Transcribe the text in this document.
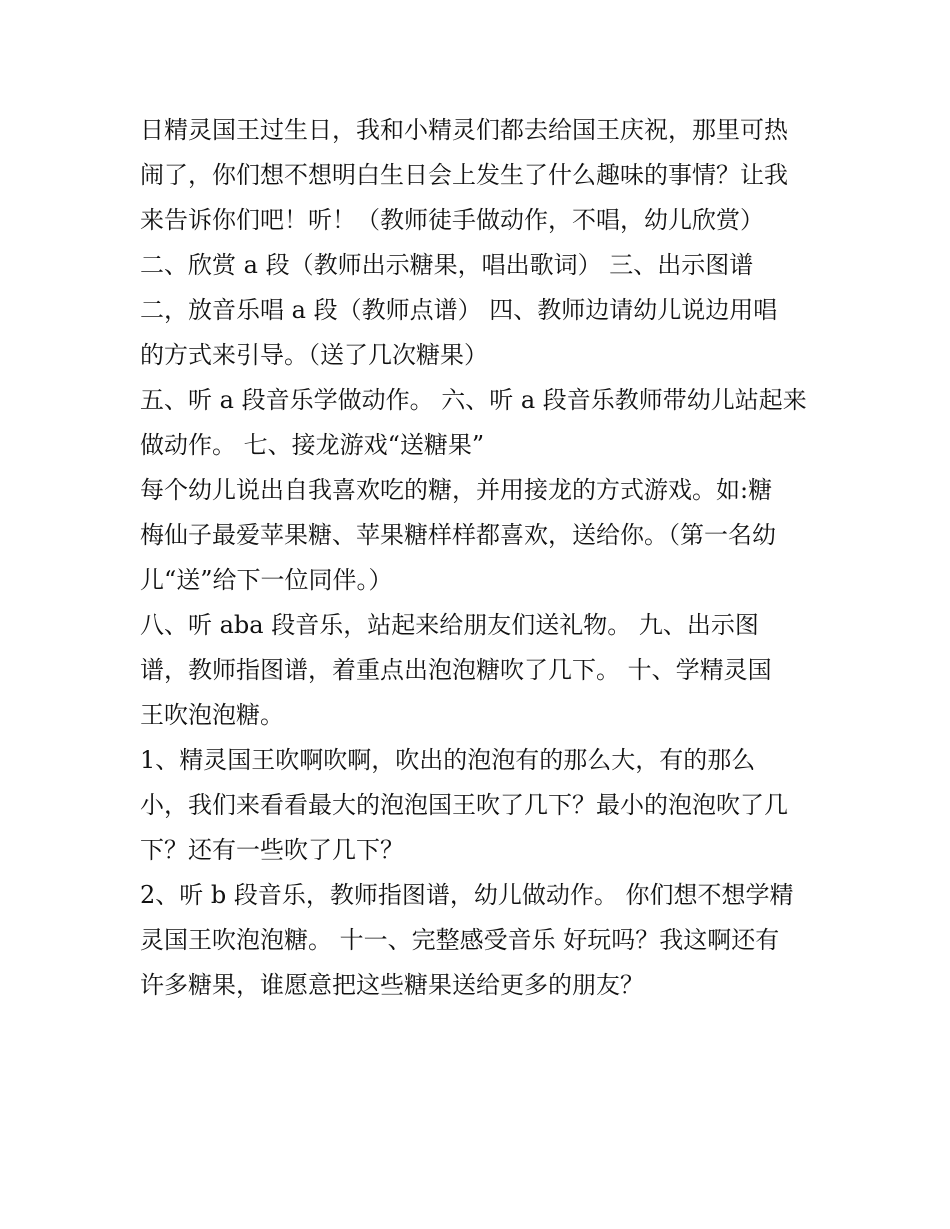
日精灵国王过生日，我和小精灵们都去给国王庆祝，那里可热
闹了，你们想不想明白生日会上发生了什么趣味的事情？让我
来告诉你们吧！听！（教师徒手做动作，不唱，幼儿欣赏）
二、欣赏 a 段（教师出示糖果，唱出歌词） 三、出示图谱
二，放音乐唱 a 段（教师点谱） 四、教师边请幼儿说边用唱
的方式来引导。（送了几次糖果）
五、听 a 段音乐学做动作。 六、听 a 段音乐教师带幼儿站起来
做动作。 七、接龙游戏“送糖果”
每个幼儿说出自我喜欢吃的糖，并用接龙的方式游戏。如:糖
梅仙子最爱苹果糖、苹果糖样样都喜欢，送给你。（第一名幼
儿“送”给下一位同伴。）
八、听 aba 段音乐，站起来给朋友们送礼物。 九、出示图
谱，教师指图谱，着重点出泡泡糖吹了几下。 十、学精灵国
王吹泡泡糖。
1、精灵国王吹啊吹啊，吹出的泡泡有的那么大，有的那么
小，我们来看看最大的泡泡国王吹了几下？最小的泡泡吹了几
下？还有一些吹了几下？
2、听 b 段音乐，教师指图谱，幼儿做动作。 你们想不想学精
灵国王吹泡泡糖。 十一、完整感受音乐 好玩吗？我这啊还有
许多糖果，谁愿意把这些糖果送给更多的朋友？
